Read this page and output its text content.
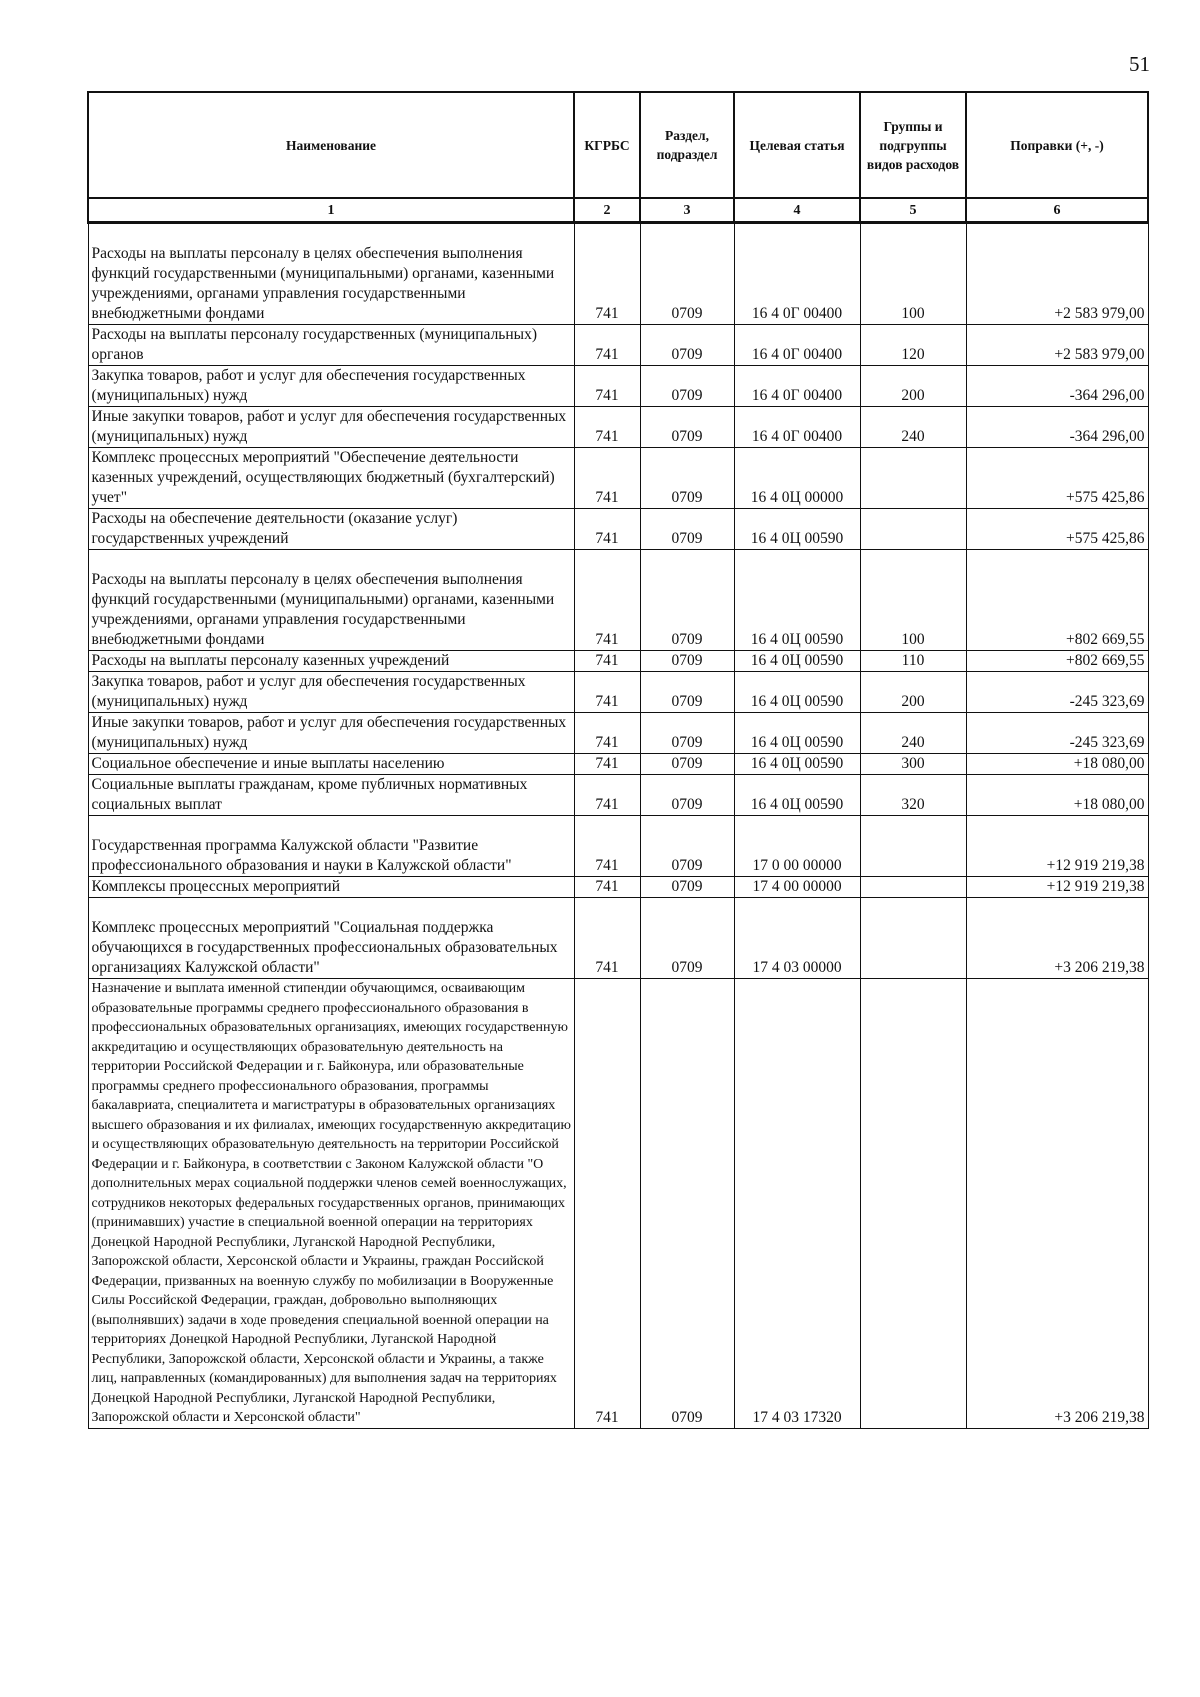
51
Наименование	КГРБС	Раздел, подраздел	Целевая статья	Группы и подгруппы видов расходов	Поправки (+, -)
1	2	3	4	5	6

Расходы на выплаты персоналу в целях обеспечения выполнения функций государственными (муниципальными) органами, казенными учреждениями, органами управления государственными внебюджетными фондами	741	0709	16 4 0Г 00400	100	+2 583 979,00
Расходы на выплаты персоналу государственных (муниципальных) органов	741	0709	16 4 0Г 00400	120	+2 583 979,00
Закупка товаров, работ и услуг для обеспечения государственных (муниципальных) нужд	741	0709	16 4 0Г 00400	200	-364 296,00
Иные закупки товаров, работ и услуг для обеспечения государственных (муниципальных) нужд	741	0709	16 4 0Г 00400	240	-364 296,00
Комплекс процессных мероприятий "Обеспечение деятельности казенных учреждений, осуществляющих бюджетный (бухгалтерский) учет"	741	0709	16 4 0Ц 00000		+575 425,86
Расходы на обеспечение деятельности (оказание услуг) государственных учреждений	741	0709	16 4 0Ц 00590		+575 425,86

Расходы на выплаты персоналу в целях обеспечения выполнения функций государственными (муниципальными) органами, казенными учреждениями, органами управления государственными внебюджетными фондами	741	0709	16 4 0Ц 00590	100	+802 669,55
Расходы на выплаты персоналу казенных учреждений	741	0709	16 4 0Ц 00590	110	+802 669,55
Закупка товаров, работ и услуг для обеспечения государственных (муниципальных) нужд	741	0709	16 4 0Ц 00590	200	-245 323,69
Иные закупки товаров, работ и услуг для обеспечения государственных (муниципальных) нужд	741	0709	16 4 0Ц 00590	240	-245 323,69
Социальное обеспечение и иные выплаты населению	741	0709	16 4 0Ц 00590	300	+18 080,00
Социальные выплаты гражданам, кроме публичных нормативных социальных выплат	741	0709	16 4 0Ц 00590	320	+18 080,00

Государственная программа Калужской области "Развитие профессионального образования и науки в Калужской области"	741	0709	17 0 00 00000		+12 919 219,38
Комплексы процессных мероприятий	741	0709	17 4 00 00000		+12 919 219,38

Комплекс процессных мероприятий "Социальная поддержка обучающихся в государственных профессиональных образовательных организациях Калужской области"	741	0709	17 4 03 00000		+3 206 219,38
Назначение и выплата именной стипендии обучающимся, осваивающим образовательные программы среднего профессионального образования в профессиональных образовательных организациях, имеющих государственную аккредитацию и осуществляющих образовательную деятельность на территории Российской Федерации и г. Байконура, или образовательные программы среднего профессионального образования, программы бакалавриата, специалитета и магистратуры в образовательных организациях высшего образования и их филиалах, имеющих государственную аккредитацию и осуществляющих образовательную деятельность на территории Российской Федерации и г. Байконура, в соответствии с Законом Калужской области "О дополнительных мерах социальной поддержки членов семей военнослужащих, сотрудников некоторых федеральных государственных органов, принимающих (принимавших) участие в специальной военной операции на территориях Донецкой Народной Республики, Луганской Народной Республики, Запорожской области, Херсонской области и Украины, граждан Российской Федерации, призванных на военную службу по мобилизации в Вооруженные Силы Российской Федерации, граждан, добровольно выполняющих (выполнявших) задачи в ходе проведения специальной военной операции на территориях Донецкой Народной Республики, Луганской Народной Республики, Запорожской области, Херсонской области и Украины, а также лиц, направленных (командированных) для выполнения задач на территориях Донецкой Народной Республики, Луганской Народной Республики, Запорожской области и Херсонской области"	741	0709	17 4 03 17320		+3 206 219,38
